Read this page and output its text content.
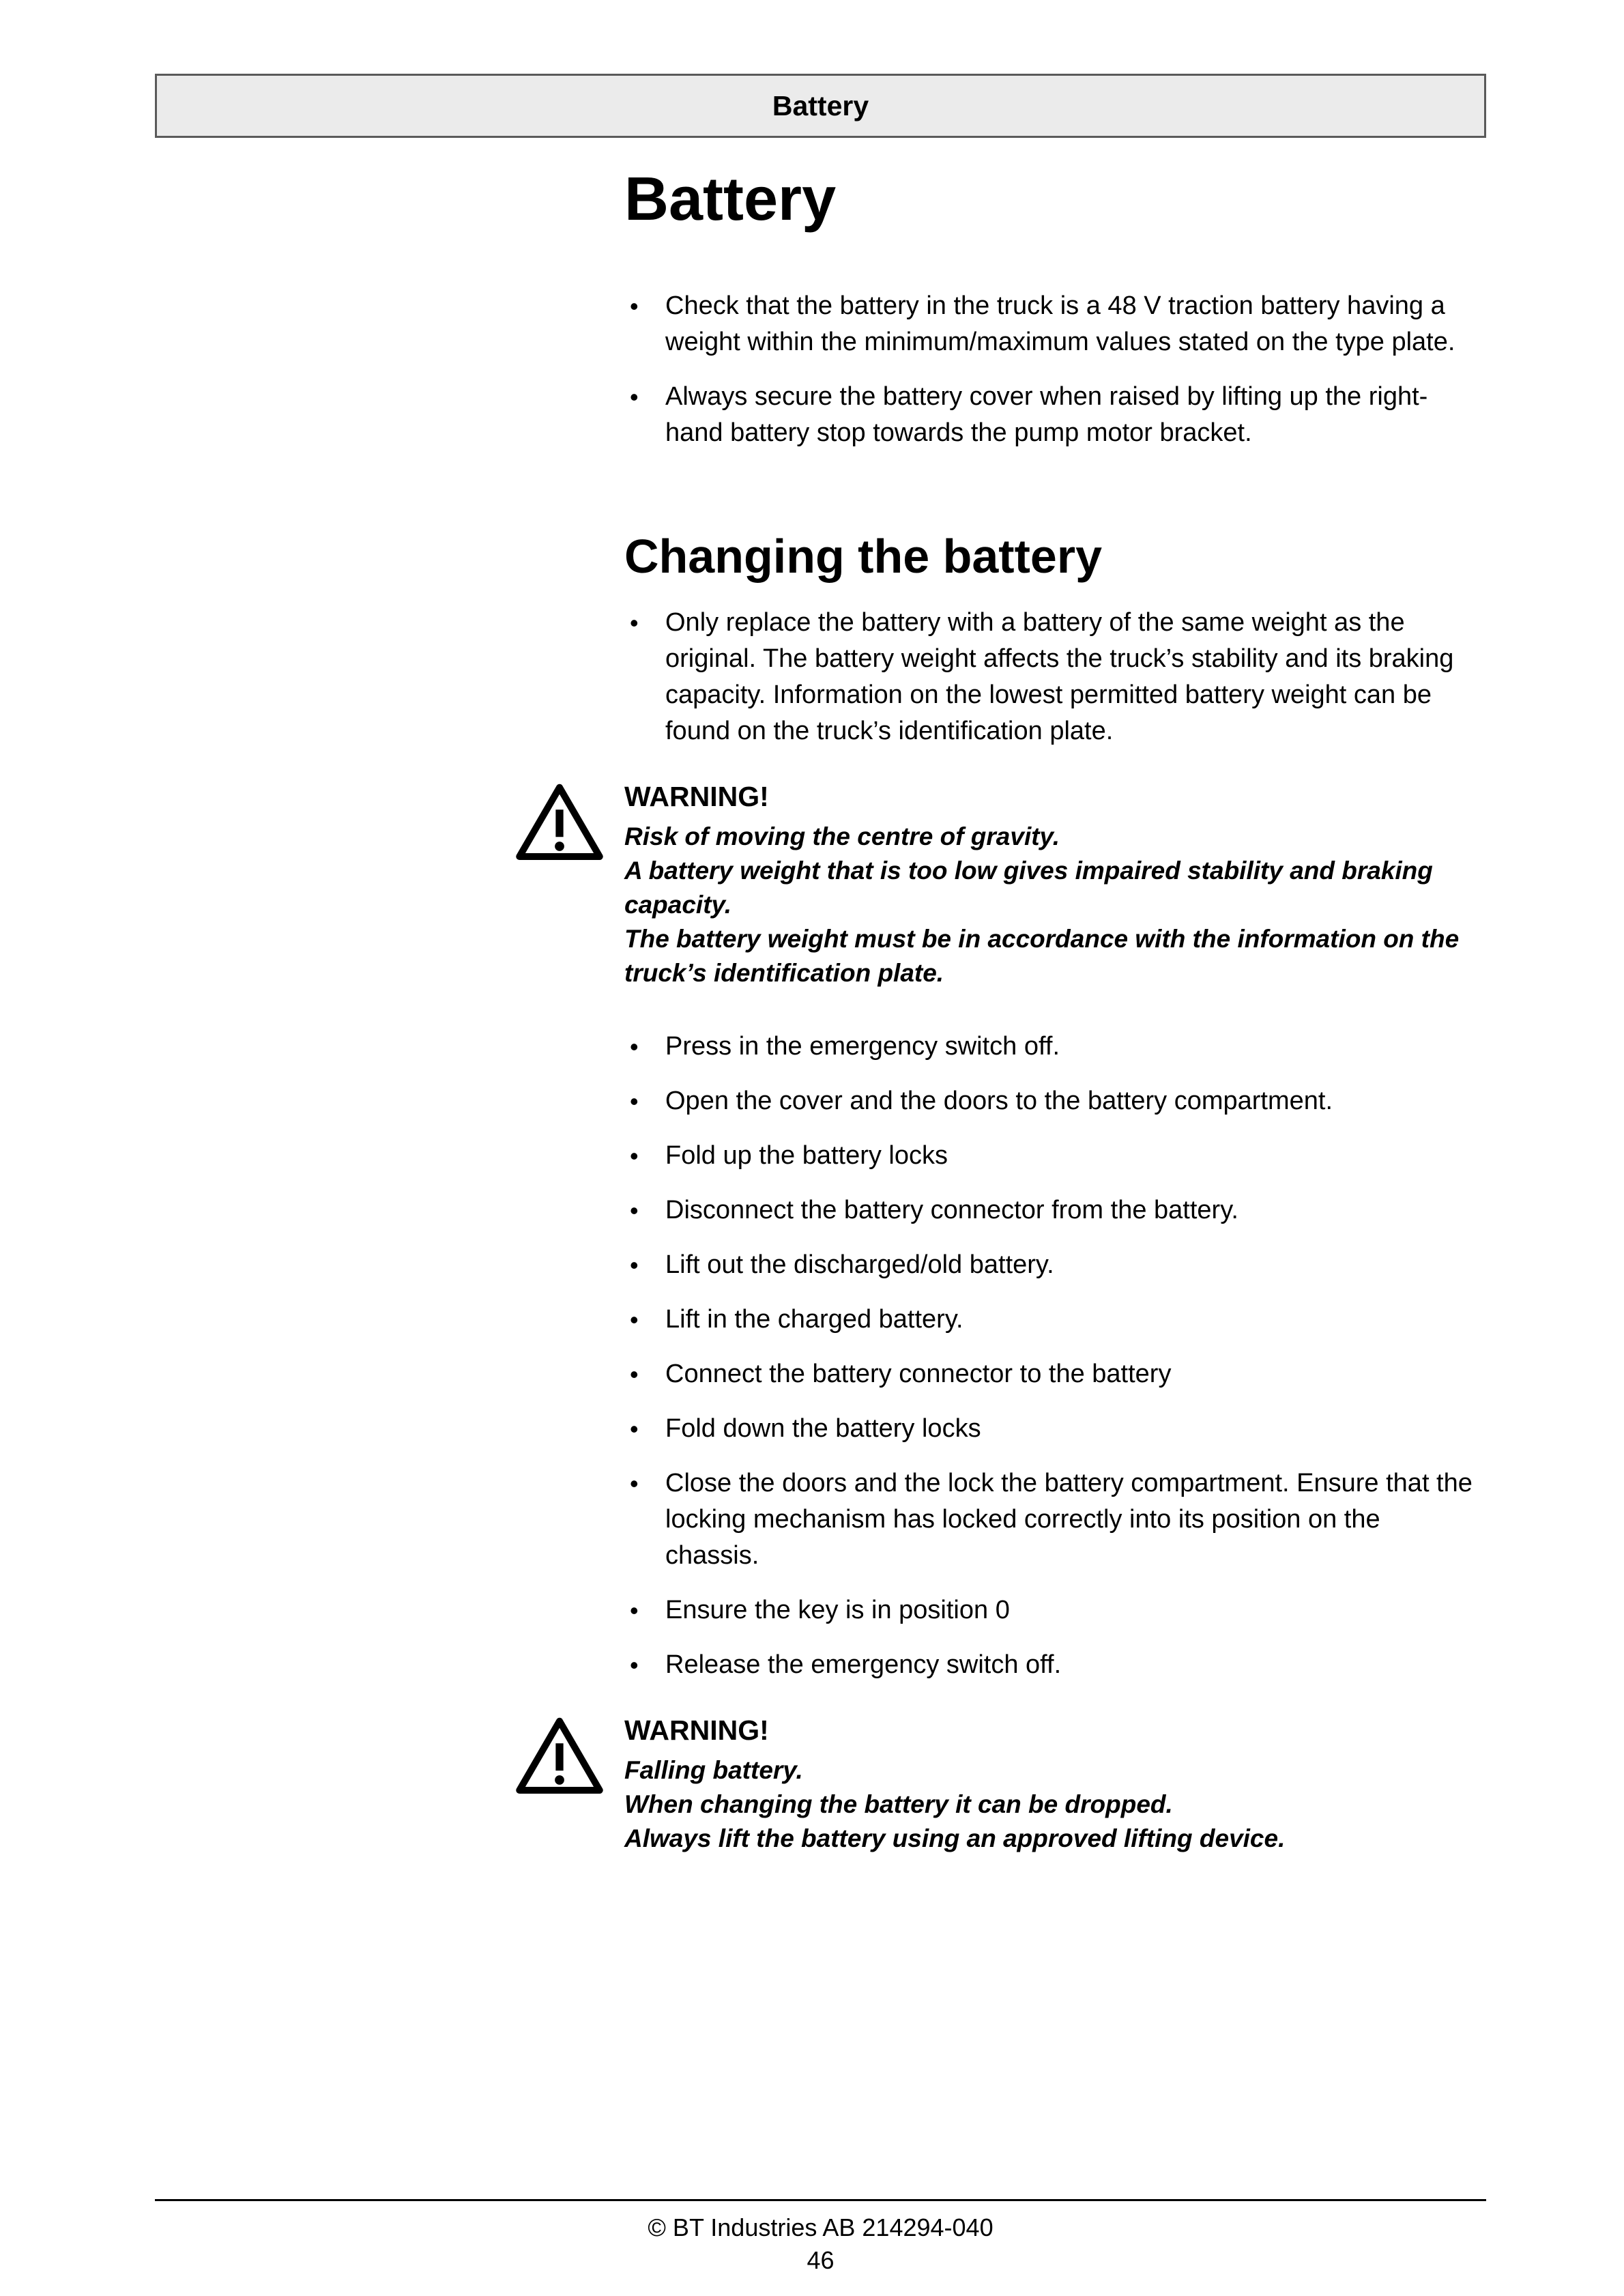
Battery
Battery
• Check that the battery in the truck is a 48 V traction battery having a weight within the minimum/maximum values stated on the type plate.
• Always secure the battery cover when raised by lifting up the right-hand battery stop towards the pump motor bracket.
Changing the battery
• Only replace the battery with a battery of the same weight as the original. The battery weight affects the truck’s stability and its braking capacity. Information on the lowest permitted battery weight can be found on the truck’s identification plate.
WARNING!
Risk of moving the centre of gravity.
A battery weight that is too low gives impaired stability and braking capacity.
The battery weight must be in accordance with the information on the truck’s identification plate.
• Press in the emergency switch off.
• Open the cover and the doors to the battery compartment.
• Fold up the battery locks
• Disconnect the battery connector from the battery.
• Lift out the discharged/old battery.
• Lift in the charged battery.
• Connect the battery connector to the battery
• Fold down the battery locks
• Close the doors and the lock the battery compartment. Ensure that the locking mechanism has locked correctly into its position on the chassis.
• Ensure the key is in position 0
• Release the emergency switch off.
WARNING!
Falling battery.
When changing the battery it can be dropped.
Always lift the battery using an approved lifting device.
© BT Industries AB 214294-040
46
